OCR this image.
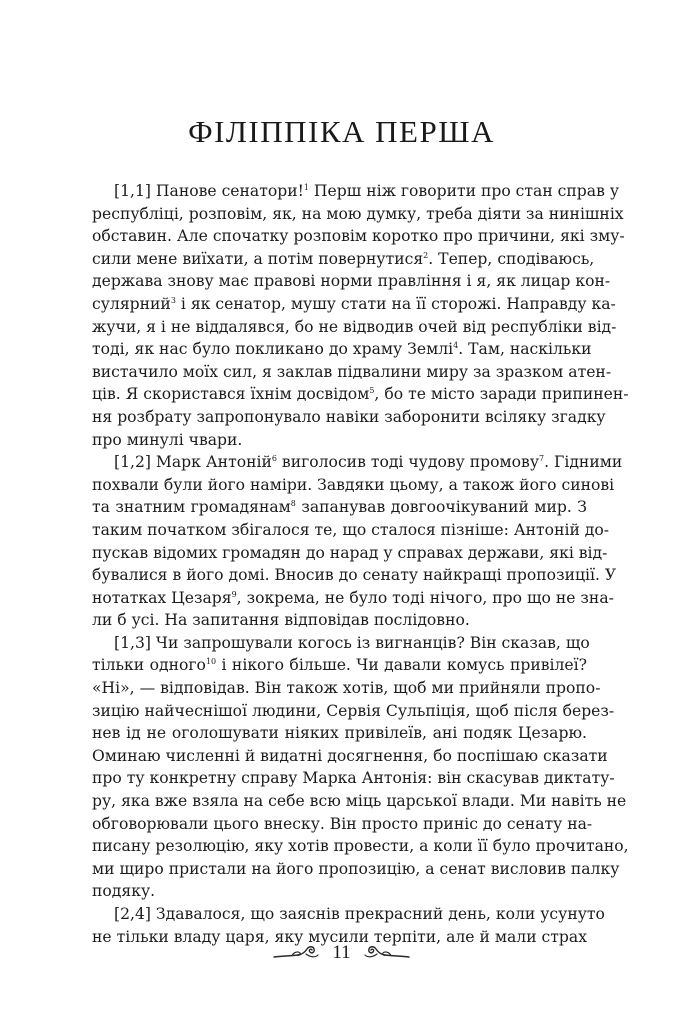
ФІЛІППІКА ПЕРША
[1,1] Панове сенатори!$^1$ Перш ніж говорити про стан справ у
республіці, розповім, як, на мою думку, треба діяти за нинішніх
обставин. Але спочатку розповім коротко про причини, які зму-
сили мене виїхати, а потім повернутися$^2$. Тепер, сподіваюсь,
держава знову має правові норми правління і я, як лицар кон-
сулярний$^3$ і як сенатор, мушу стати на її сторожі. Направду ка-
жучи, я і не віддалявся, бо не відводив очей від республіки від-
тоді, як нас було покликано до храму Землі$^4$. Там, наскільки
вистачило моїх сил, я заклав підвалини миру за зразком атен-
ців. Я скористався їхнім досвідом$^5$, бо те місто заради припинен-
ня розбрату запропонувало навіки заборонити всіляку згадку
про минулі чвари.
[1,2] Марк Антоній$^6$ виголосив тоді чудову промову$^7$. Гідними
похвали були його наміри. Завдяки цьому, а також його синові
та знатним громадянам$^8$ запанував довгоочікуваний мир. З
таким початком збігалося те, що сталося пізніше: Антоній до-
пускав відомих громадян до нарад у справах держави, які від-
бувалися в його домі. Вносив до сенату найкращі пропозиції. У
нотатках Цезаря$^9$, зокрема, не було тоді нічого, про що не зна-
ли б усі. На запитання відповідав послідовно.
[1,3] Чи запрошували когось із вигнанців? Він сказав, що
тільки одного$^{10}$ і нікого більше. Чи давали комусь привілеї?
«Ні», — відповідав. Він також хотів, щоб ми прийняли пропо-
зицію найчеснішої людини, Сервія Сульпіція, щоб після берез-
нев ід не оголошувати ніяких привілеїв, ані подяк Цезарю.
Оминаю численні й видатні досягнення, бо поспішаю сказати
про ту конкретну справу Марка Антонія: він скасував диктату-
ру, яка вже взяла на себе всю міць царської влади. Ми навіть не
обговорювали цього внеску. Він просто приніс до сенату на-
писану резолюцію, яку хотів провести, а коли її було прочитано,
ми щиро пристали на його пропозицію, а сенат висловив палку
подяку.
[2,4] Здавалося, що заяснів прекрасний день, коли усунуто
не тільки владу царя, яку мусили терпіти, але й мали страх
11
